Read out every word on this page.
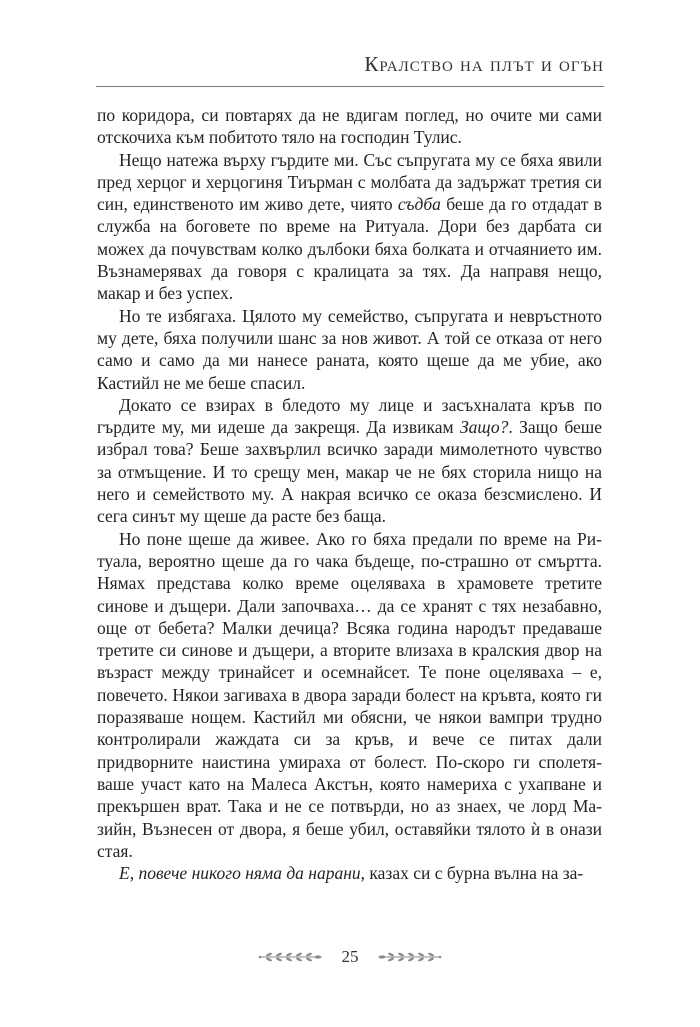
Кралство на плът и огън

по коридора, си повтарях да не вдигам поглед, но очите ми сами отскочиха към побитото тяло на господин Тулис.

Нещо натежа върху гърдите ми. Със съпругата му се бяха явили пред херцог и херцогиня Тиърман с молбата да задържат третия си син, единственото им живо дете, чиято съдба беше да го отдадат в служба на боговете по време на Ритуала. Дори без дарбата си можех да почувствам колко дълбоки бяха болката и отчаянието им. Възнамерявах да говоря с кралицата за тях. Да направя нещо, макар и без успех.

Но те избягаха. Цялото му семейство, съпругата и невръстното му дете, бяха получили шанс за нов живот. А той се отказа от него само и само да ми нанесе раната, която щеше да ме убие, ако Кастийл не ме беше спасил.

Докато се взирах в бледото му лице и засъхналата кръв по гърдите му, ми идеше да закрещя. Да извикам Защо?. Защо беше избрал това? Беше захвърлил всичко заради мимолетното чувство за отмъщение. И то срещу мен, макар че не бях сторила нищо на него и семейството му. А накрая всичко се оказа безсмислено. И сега синът му щеше да расте без баща.

Но поне щеше да живее. Ако го бяха предали по време на Ритуала, вероятно щеше да го чака бъдеще, по-страшно от смъртта. Нямах представа колко време оцеляваха в храмовете третите синове и дъщери. Дали започваха… да се хранят с тях незабавно, още от бебета? Малки дечица? Всяка година народът предаваше третите си синове и дъщери, а вторите влизаха в кралския двор на възраст между тринайсет и осемнайсет. Те поне оцеляваха – е, повечето. Някои загиваха в двора заради болест на кръвта, която ги поразяваше нощем. Кастийл ми обясни, че някои вампри трудно контролирали жаждата си за кръв, и вече се питах дали придворните наистина умираха от болест. По-скоро ги сполетяваше участ като на Малеса Акстън, която намериха с ухапване и прекършен врат. Така и не се потвърди, но аз знаех, че лорд Мазийн, Възнесен от двора, я беше убил, оставяйки тялото ѝ в онази стая.

Е, повече никого няма да нарани, казах си с бурна вълна на за-

25
